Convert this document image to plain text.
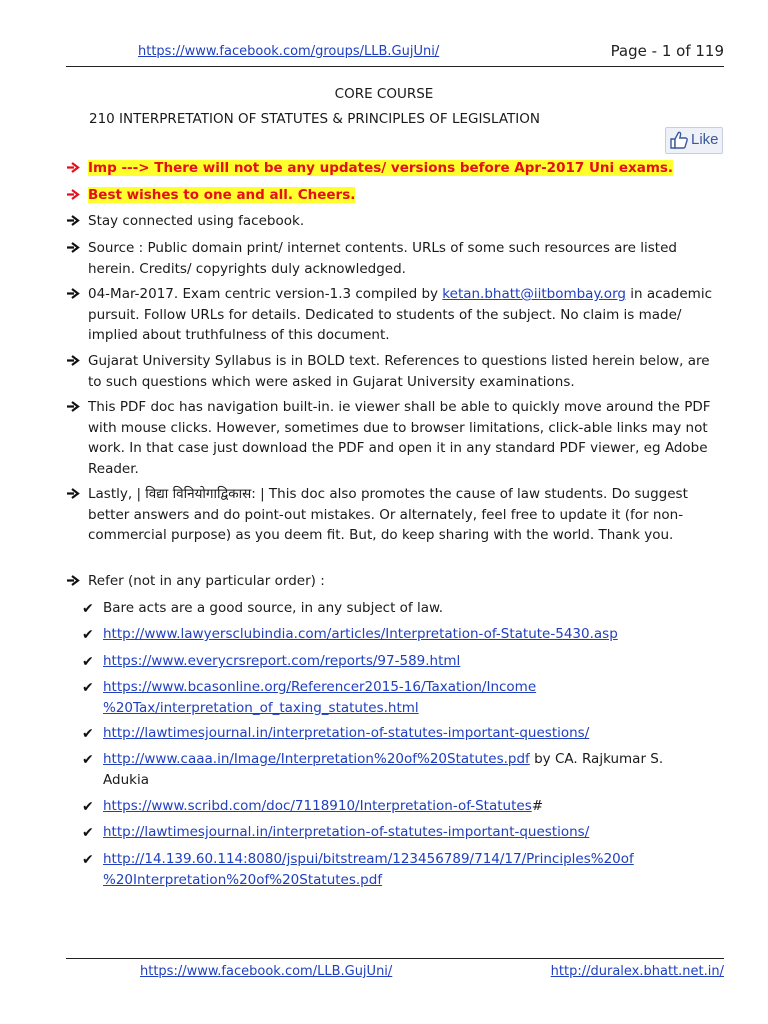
https://www.facebook.com/groups/LLB.GujUni/	Page - 1 of 119
CORE COURSE
210 INTERPRETATION OF STATUTES & PRINCIPLES OF LEGISLATION
Like
Imp ---> There will not be any updates/ versions before Apr-2017 Uni exams.
Best wishes to one and all. Cheers.
Stay connected using facebook.
Source : Public domain print/ internet contents. URLs of some such resources are listed herein. Credits/ copyrights duly acknowledged.
04-Mar-2017. Exam centric version-1.3 compiled by ketan.bhatt@iitbombay.org in academic pursuit. Follow URLs for details. Dedicated to students of the subject. No claim is made/ implied about truthfulness of this document.
Gujarat University Syllabus is in BOLD text. References to questions listed herein below, are to such questions which were asked in Gujarat University examinations.
This PDF doc has navigation built-in. ie viewer shall be able to quickly move around the PDF with mouse clicks. However, sometimes due to browser limitations, click-able links may not work. In that case just download the PDF and open it in any standard PDF viewer, eg Adobe Reader.
Lastly, | विद्या विनियोगाद्विकास: | This doc also promotes the cause of law students. Do suggest better answers and do point-out mistakes. Or alternately, feel free to update it (for non-commercial purpose) as you deem fit. But, do keep sharing with the world. Thank you.
Refer (not in any particular order) :
✔ Bare acts are a good source, in any subject of law.
✔ http://www.lawyersclubindia.com/articles/Interpretation-of-Statute-5430.asp
✔ https://www.everycrsreport.com/reports/97-589.html
✔ https://www.bcasonline.org/Referencer2015-16/Taxation/Income
%20Tax/interpretation_of_taxing_statutes.html
✔ http://lawtimesjournal.in/interpretation-of-statutes-important-questions/
✔ http://www.caaa.in/Image/Interpretation%20of%20Statutes.pdf by CA. Rajkumar S.
Adukia
✔ https://www.scribd.com/doc/7118910/Interpretation-of-Statutes#
✔ http://lawtimesjournal.in/interpretation-of-statutes-important-questions/
✔ http://14.139.60.114:8080/jspui/bitstream/123456789/714/17/Principles%20of
%20Interpretation%20of%20Statutes.pdf
https://www.facebook.com/LLB.GujUni/	http://duralex.bhatt.net.in/
